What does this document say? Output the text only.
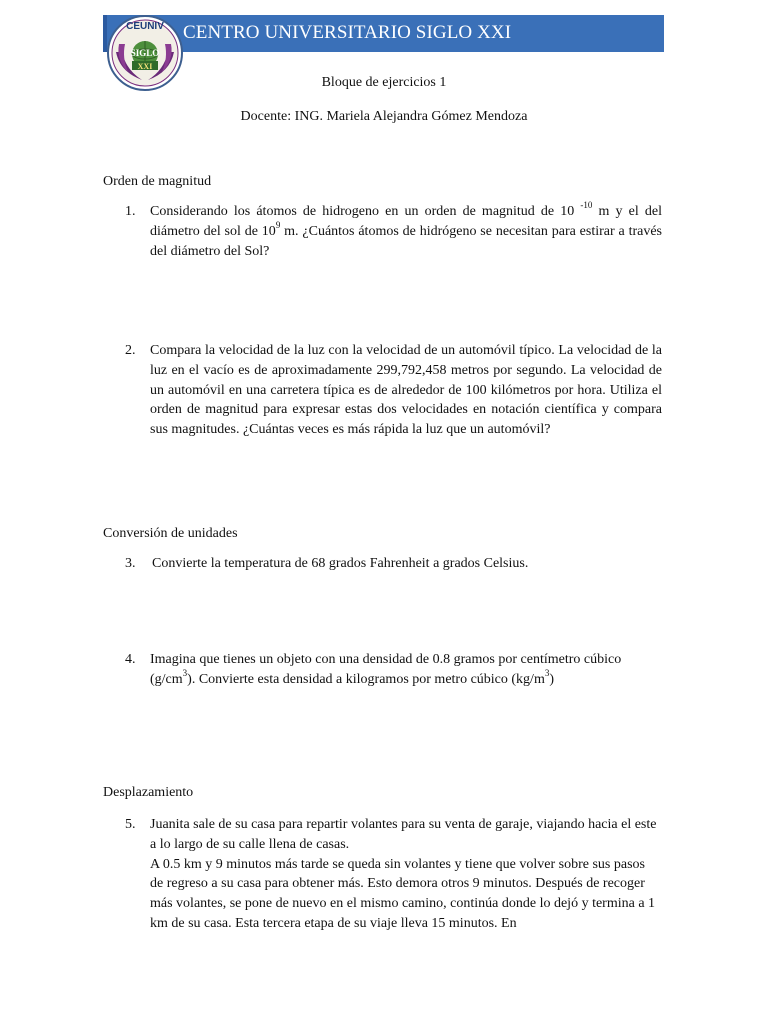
CENTRO UNIVERSITARIO SIGLO XXI
CEUNIV
SIGLO
XXI
Bloque de ejercicios 1
Docente: ING. Mariela Alejandra Gómez Mendoza
Orden de magnitud
1.	Considerando los átomos de hidrogeno en un orden de magnitud de 10 $^{-10}$ m y el del diámetro del sol de $10^9$ m. ¿Cuántos átomos de hidrógeno se necesitan para estirar a través del diámetro del Sol?
2.	Compara la velocidad de la luz con la velocidad de un automóvil típico. La velocidad de la luz en el vacío es de aproximadamente 299,792,458 metros por segundo. La velocidad de un automóvil en una carretera típica es de alrededor de 100 kilómetros por hora. Utiliza el orden de magnitud para expresar estas dos velocidades en notación científica y compara sus magnitudes. ¿Cuántas veces es más rápida la luz que un automóvil?
Conversión de unidades
3.	Convierte la temperatura de 68 grados Fahrenheit a grados Celsius.
4.	Imagina que tienes un objeto con una densidad de 0.8 gramos por centímetro cúbico $(g/cm^3)$. Convierte esta densidad a kilogramos por metro cúbico $(kg/m^3)$
Desplazamiento
5.	Juanita sale de su casa para repartir volantes para su venta de garaje, viajando hacia el este a lo largo de su calle llena de casas.
A 0.5 km y 9 minutos más tarde se queda sin volantes y tiene que volver sobre sus pasos de regreso a su casa para obtener más. Esto demora otros 9 minutos. Después de recoger más volantes, se pone de nuevo en el mismo camino, continúa donde lo dejó y termina a 1 km de su casa. Esta tercera etapa de su viaje lleva 15 minutos. En
